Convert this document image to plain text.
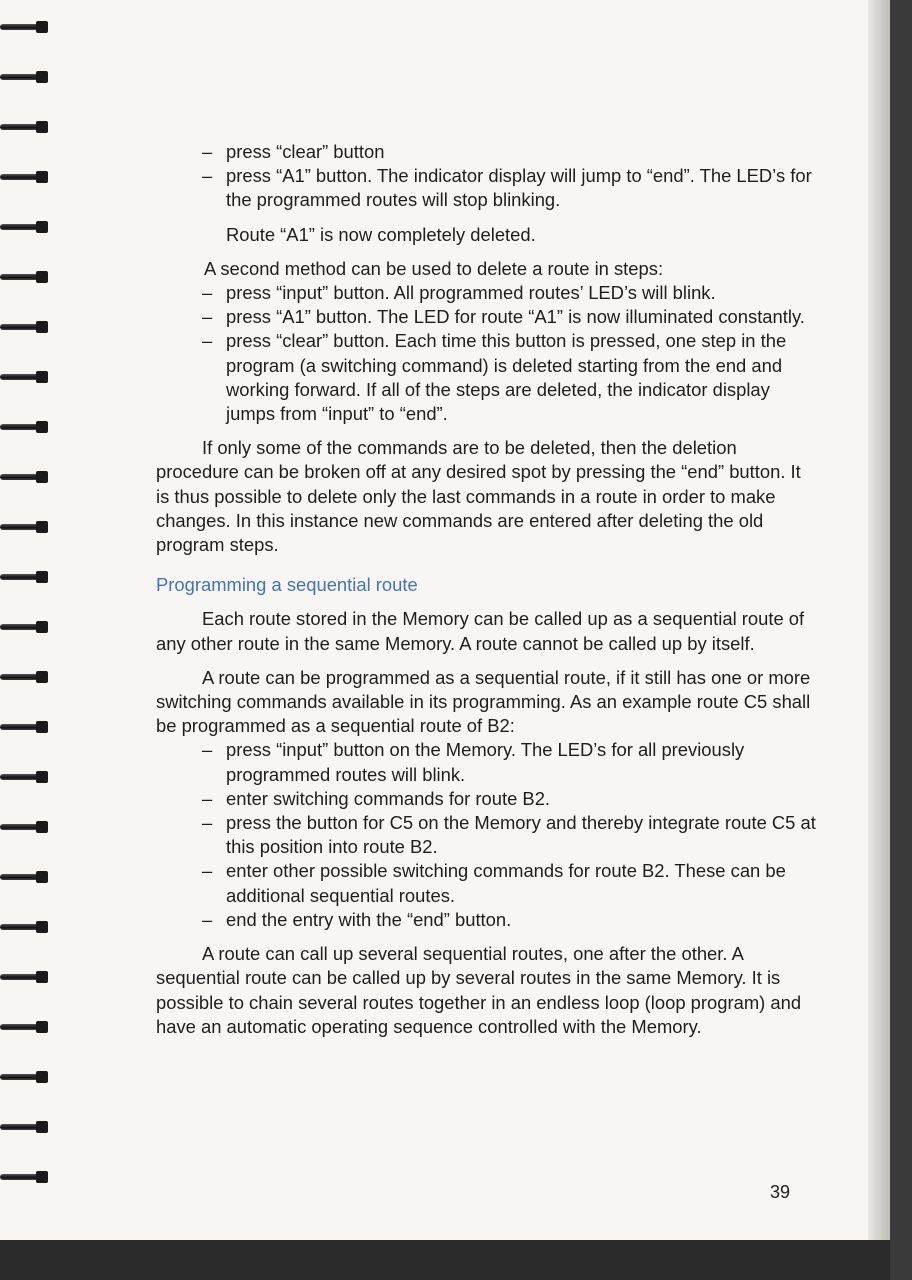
– press “clear” button

– press “A1” button. The indicator display will jump to “end”. The LED’s for the programmed routes will stop blinking.

Route “A1” is now completely deleted.

A second method can be used to delete a route in steps:

– press “input” button. All programmed routes’ LED’s will blink.

– press “A1” button. The LED for route “A1” is now illuminated constantly.

– press “clear” button. Each time this button is pressed, one step in the program (a switching command) is deleted starting from the end and working forward. If all of the steps are deleted, the indicator display jumps from “input” to “end”.

If only some of the commands are to be deleted, then the deletion procedure can be broken off at any desired spot by pressing the “end” button. It is thus possible to delete only the last commands in a route in order to make changes. In this instance new commands are entered after deleting the old program steps.

Programming a sequential route

Each route stored in the Memory can be called up as a sequential route of any other route in the same Memory. A route cannot be called up by itself.

A route can be programmed as a sequential route, if it still has one or more switching commands available in its programming. As an example route C5 shall be programmed as a sequential route of B2:

– press “input” button on the Memory. The LED’s for all previously programmed routes will blink.

– enter switching commands for route B2.

– press the button for C5 on the Memory and thereby integrate route C5 at this position into route B2.

– enter other possible switching commands for route B2. These can be additional sequential routes.

– end the entry with the “end” button.

A route can call up several sequential routes, one after the other. A sequential route can be called up by several routes in the same Memory. It is possible to chain several routes together in an endless loop (loop program) and have an automatic operating sequence controlled with the Memory.

39
